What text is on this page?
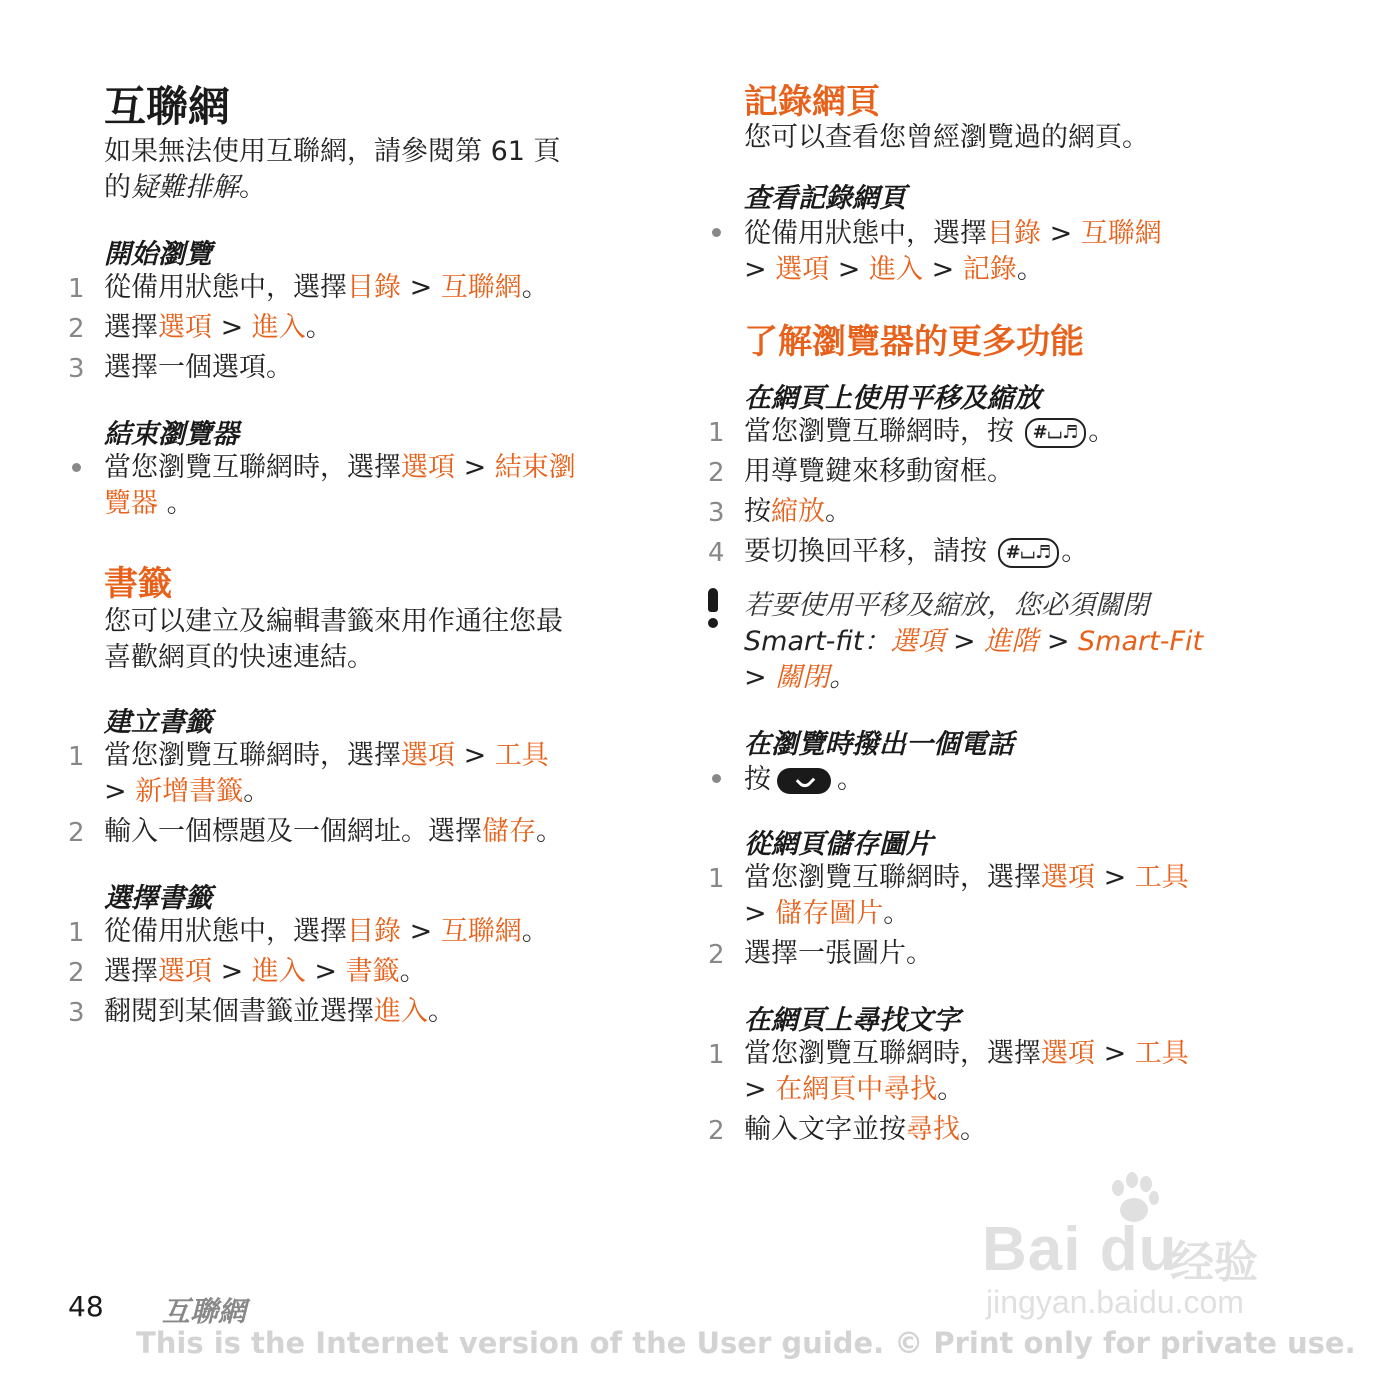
互聯網
如果無法使用互聯網，請參閱第 61 頁
的疑難排解。
開始瀏覽
1 從備用狀態中，選擇目錄 > 互聯網。
2 選擇選項 > 進入。
3 選擇一個選項。
結束瀏覽器
當您瀏覽互聯網時，選擇選項 > 結束瀏
覽器 。
書籤
您可以建立及編輯書籤來用作通往您最
喜歡網頁的快速連結。
建立書籤
1 當您瀏覽互聯網時，選擇選項 > 工具
> 新增書籤。
2 輸入一個標題及一個網址。選擇儲存。
選擇書籤
1 從備用狀態中，選擇目錄 > 互聯網。
2 選擇選項 > 進入 > 書籤。
3 翻閱到某個書籤並選擇進入。
記錄網頁
您可以查看您曾經瀏覽過的網頁。
查看記錄網頁
從備用狀態中，選擇目錄 > 互聯網
> 選項 > 進入 > 記錄。
了解瀏覽器的更多功能
在網頁上使用平移及縮放
1 當您瀏覽互聯網時，按 #⌴♬ 。
2 用導覽鍵來移動窗框。
3 按縮放。
4 要切換回平移，請按 #⌴♬ 。
若要使用平移及縮放，您必須關閉
Smart-fit：選項 > 進階 > Smart-Fit
> 關閉。
在瀏覽時撥出一個電話
按 。
從網頁儲存圖片
1 當您瀏覽互聯網時，選擇選項 > 工具
> 儲存圖片。
2 選擇一張圖片。
在網頁上尋找文字
1 當您瀏覽互聯網時，選擇選項 > 工具
> 在網頁中尋找。
2 輸入文字並按尋找。
Bai du
经验
jingyan.baidu.com
48 互聯網
This is the Internet version of the User guide. © Print only for private use.
